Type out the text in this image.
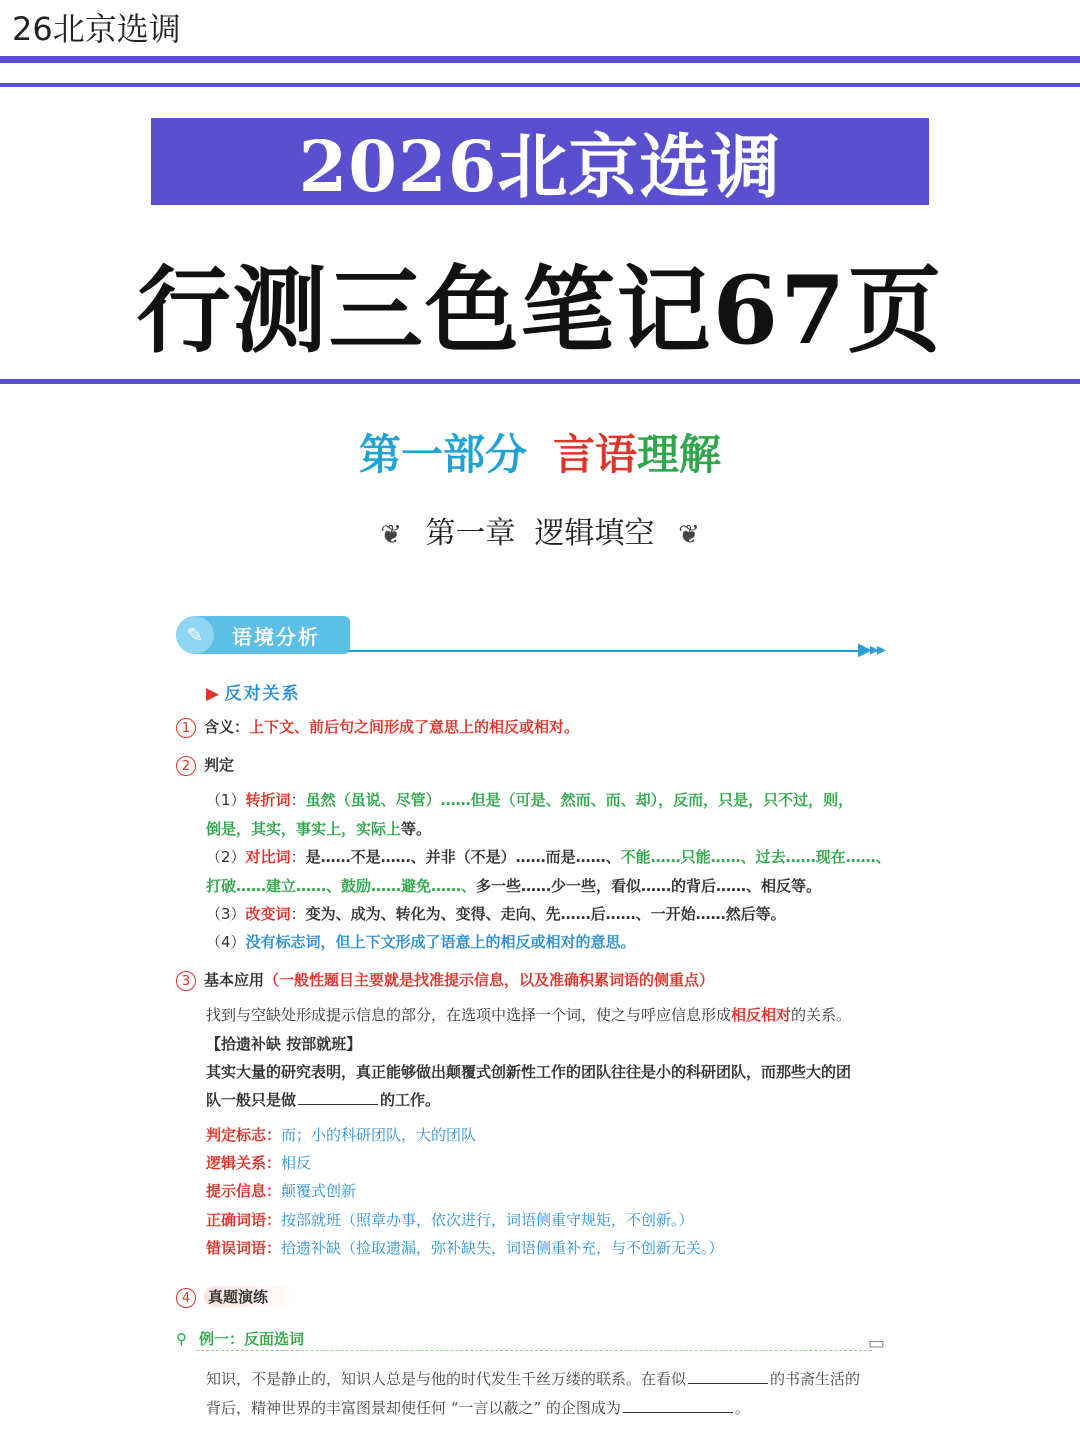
26北京选调
2026北京选调
行测三色笔记67页
第一部分 言语理解
❦ 第一章  逻辑填空 ❦
✎	语境分析
▶▸▸
▶ 反对关系
1 含义：上下文、前后句之间形成了意思上的相反或相对。
2 判定
（1）转折词：虽然（虽说、尽管）……但是（可是、然而、而、却），反而，只是，只不过，则，
倒是，其实，事实上，实际上等。
（2）对比词：是……不是……、并非（不是）……而是……、不能……只能……、过去……现在……、
打破……建立……、鼓励……避免……、多一些……少一些，看似……的背后……、相反等。
（3）改变词：变为、成为、转化为、变得、走向、先……后……、一开始……然后等。
（4）没有标志词，但上下文形成了语意上的相反或相对的意思。
3 基本应用（一般性题目主要就是找准提示信息，以及准确积累词语的侧重点）
找到与空缺处形成提示信息的部分，在选项中选择一个词，使之与呼应信息形成相反相对的关系。
【拾遗补缺 按部就班】
其实大量的研究表明，真正能够做出颠覆式创新性工作的团队往往是小的科研团队，而那些大的团
队一般只是做	的工作。
判定标志：而；小的科研团队，大的团队
逻辑关系：相反
提示信息：颠覆式创新
正确词语：按部就班（照章办事，依次进行，词语侧重守规矩，不创新。）
错误词语：拾遗补缺（捡取遗漏，弥补缺失，词语侧重补充，与不创新无关。）
4 真题演练
⚲ 例一：反面选词	▭
知识，不是静止的，知识人总是与他的时代发生千丝万缕的联系。在看似	的书斋生活的
背后，精神世界的丰富图景却使任何 “一言以蔽之” 的企图成为	。
